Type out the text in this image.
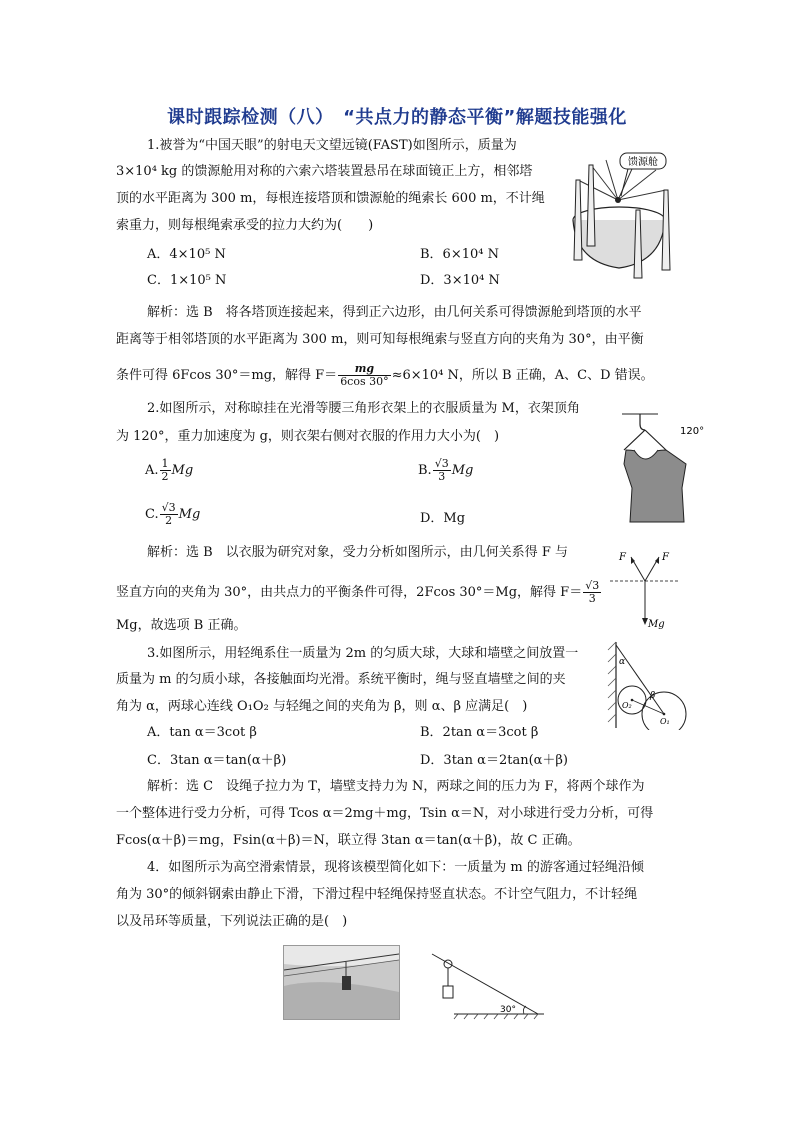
课时跟踪检测（八）　“共点力的静态平衡”解题技能强化
1.被誉为“中国天眼”的射电天文望远镜(FAST)如图所示，质量为
3×10⁴ kg 的馈源舱用对称的六索六塔装置悬吊在球面镜正上方，相邻塔
顶的水平距离为 300 m，每根连接塔顶和馈源舱的绳索长 600 m，不计绳
索重力，则每根绳索承受的拉力大约为(　　)
A．4×10⁵ N	B．6×10⁴ N
C．1×10⁵ N	D．3×10⁴ N
馈源舱
解析：选 B　将各塔顶连接起来，得到正六边形，由几何关系可得馈源舱到塔顶的水平
距离等于相邻塔顶的水平距离为 300 m，则可知每根绳索与竖直方向的夹角为 30°，由平衡
条件可得 6Fcos 30°＝mg，解得 $F= \frac{mg}{6\cos 30^\circ} \approx 6\times 10^4$ N，所以 B 正确，A、C、D 错误。
2.如图所示，对称晾挂在光滑等腰三角形衣架上的衣服质量为 M，衣架顶角
为 120°，重力加速度为 g，则衣架右侧对衣服的作用力大小为(　)
A. $\frac{1}{2}$ Mg	B. $\frac{√3}{3}$ Mg
C. $\frac{√3}{2}$ Mg	D．Mg
120°
解析：选 B　以衣服为研究对象，受力分析如图所示，由几何关系得 F 与
竖直方向的夹角为 30°，由共点力的平衡条件可得，2Fcos 30°＝Mg，解得 $F= \frac{√3}{3}$
Mg，故选项 B 正确。
F	F
Mg
3.如图所示，用轻绳系住一质量为 2m 的匀质大球，大球和墙壁之间放置一
质量为 m 的匀质小球，各接触面均光滑。系统平衡时，绳与竖直墙壁之间的夹
角为 α，两球心连线 O₁O₂ 与轻绳之间的夹角为 β，则 α、β 应满足(　)
A．tan α＝3cot β	B．2tan α＝3cot β
C．3tan α＝tan(α＋β)	D．3tan α＝2tan(α＋β)
α
β
O₂
O₁
解析：选 C　设绳子拉力为 T，墙壁支持力为 N，两球之间的压力为 F，将两个球作为
一个整体进行受力分析，可得 Tcos α＝2mg＋mg，Tsin α＝N，对小球进行受力分析，可得
Fcos(α＋β)＝mg，Fsin(α＋β)＝N，联立得 3tan α＝tan(α＋β)，故 C 正确。
4．如图所示为高空滑索情景，现将该模型简化如下：一质量为 m 的游客通过轻绳沿倾
角为 30°的倾斜钢索由静止下滑，下滑过程中轻绳保持竖直状态。不计空气阻力，不计轻绳
以及吊环等质量，下列说法正确的是(　)
30°
